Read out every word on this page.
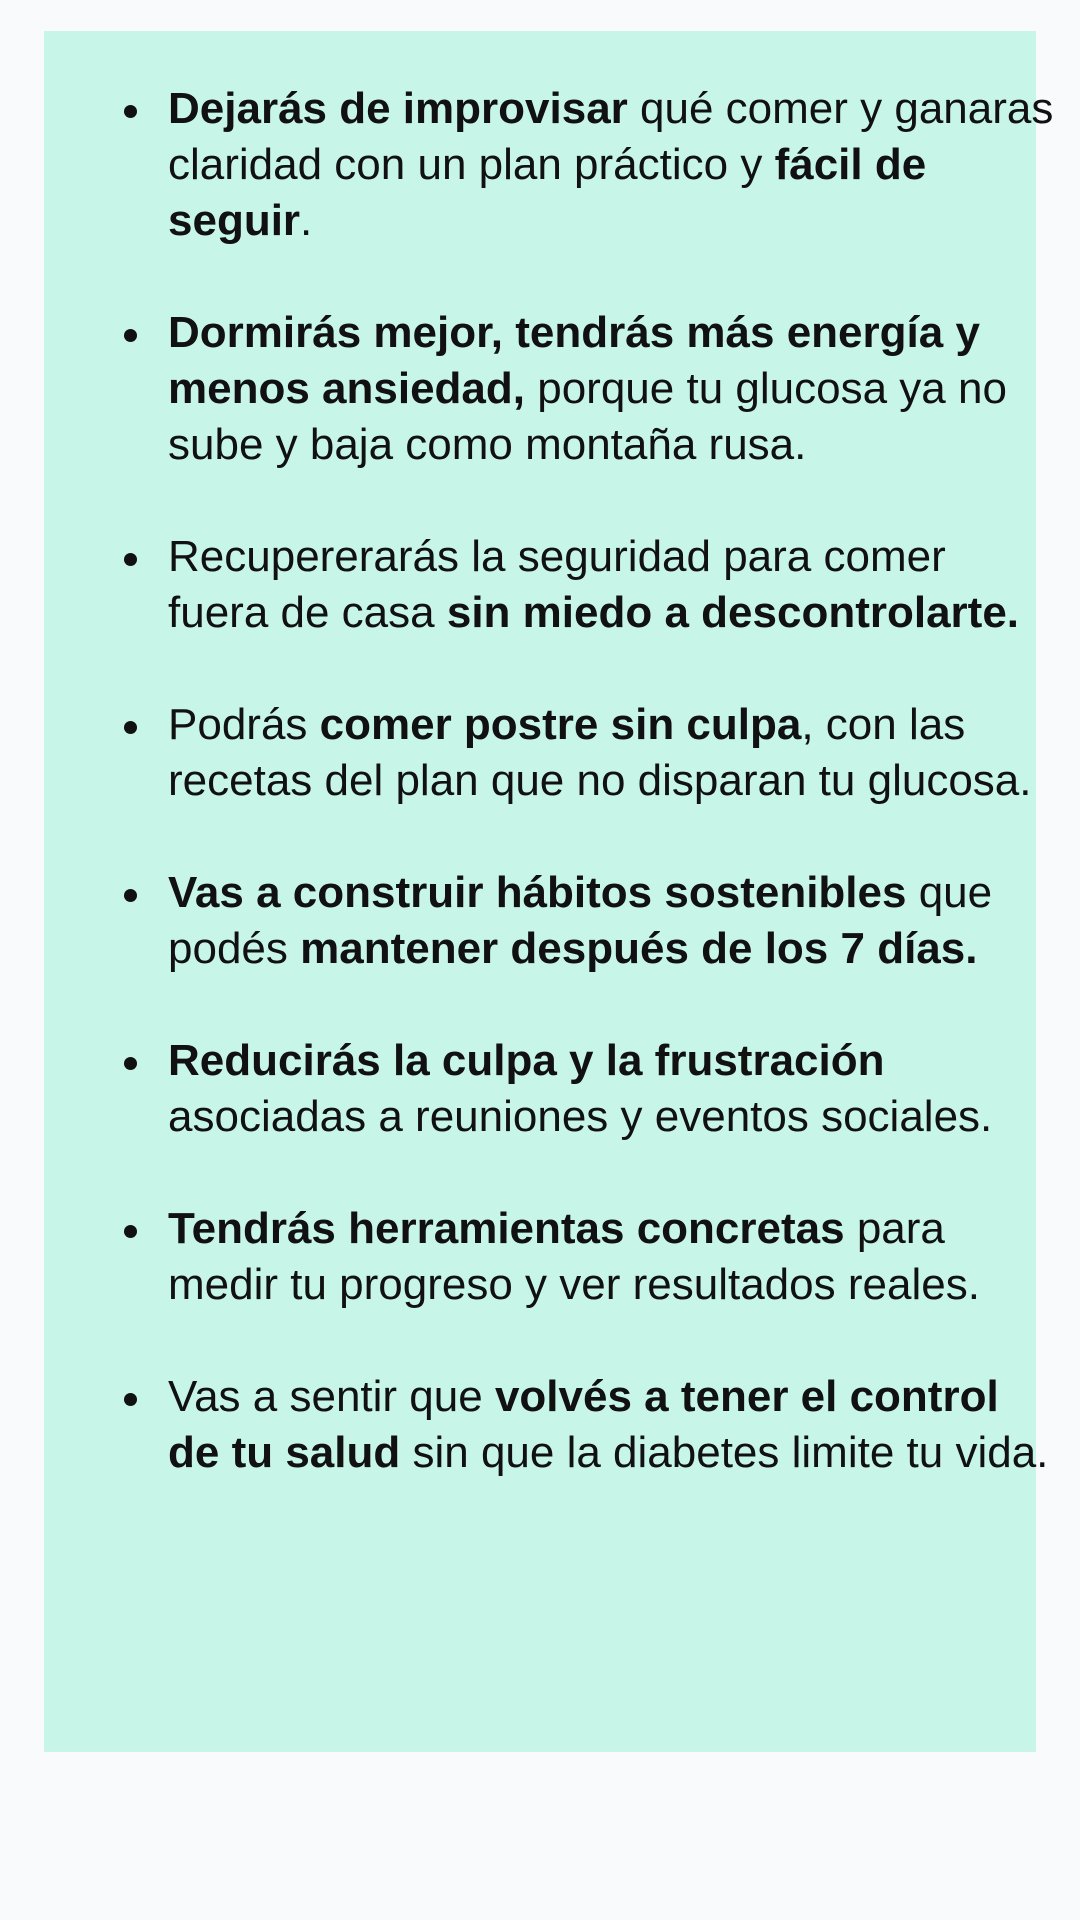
Dejarás de improvisar qué comer y ganaras claridad con un plan práctico y fácil de seguir.
Dormirás mejor, tendrás más energía y menos ansiedad, porque tu glucosa ya no sube y baja como montaña rusa.
Recupererarás la seguridad para comer fuera de casa sin miedo a descontrolarte.
Podrás comer postre sin culpa, con las recetas del plan que no disparan tu glucosa.
Vas a construir hábitos sostenibles que podés mantener después de los 7 días.
Reducirás la culpa y la frustración asociadas a reuniones y eventos sociales.
Tendrás herramientas concretas para medir tu progreso y ver resultados reales.
Vas a sentir que volvés a tener el control de tu salud sin que la diabetes limite tu vida.
